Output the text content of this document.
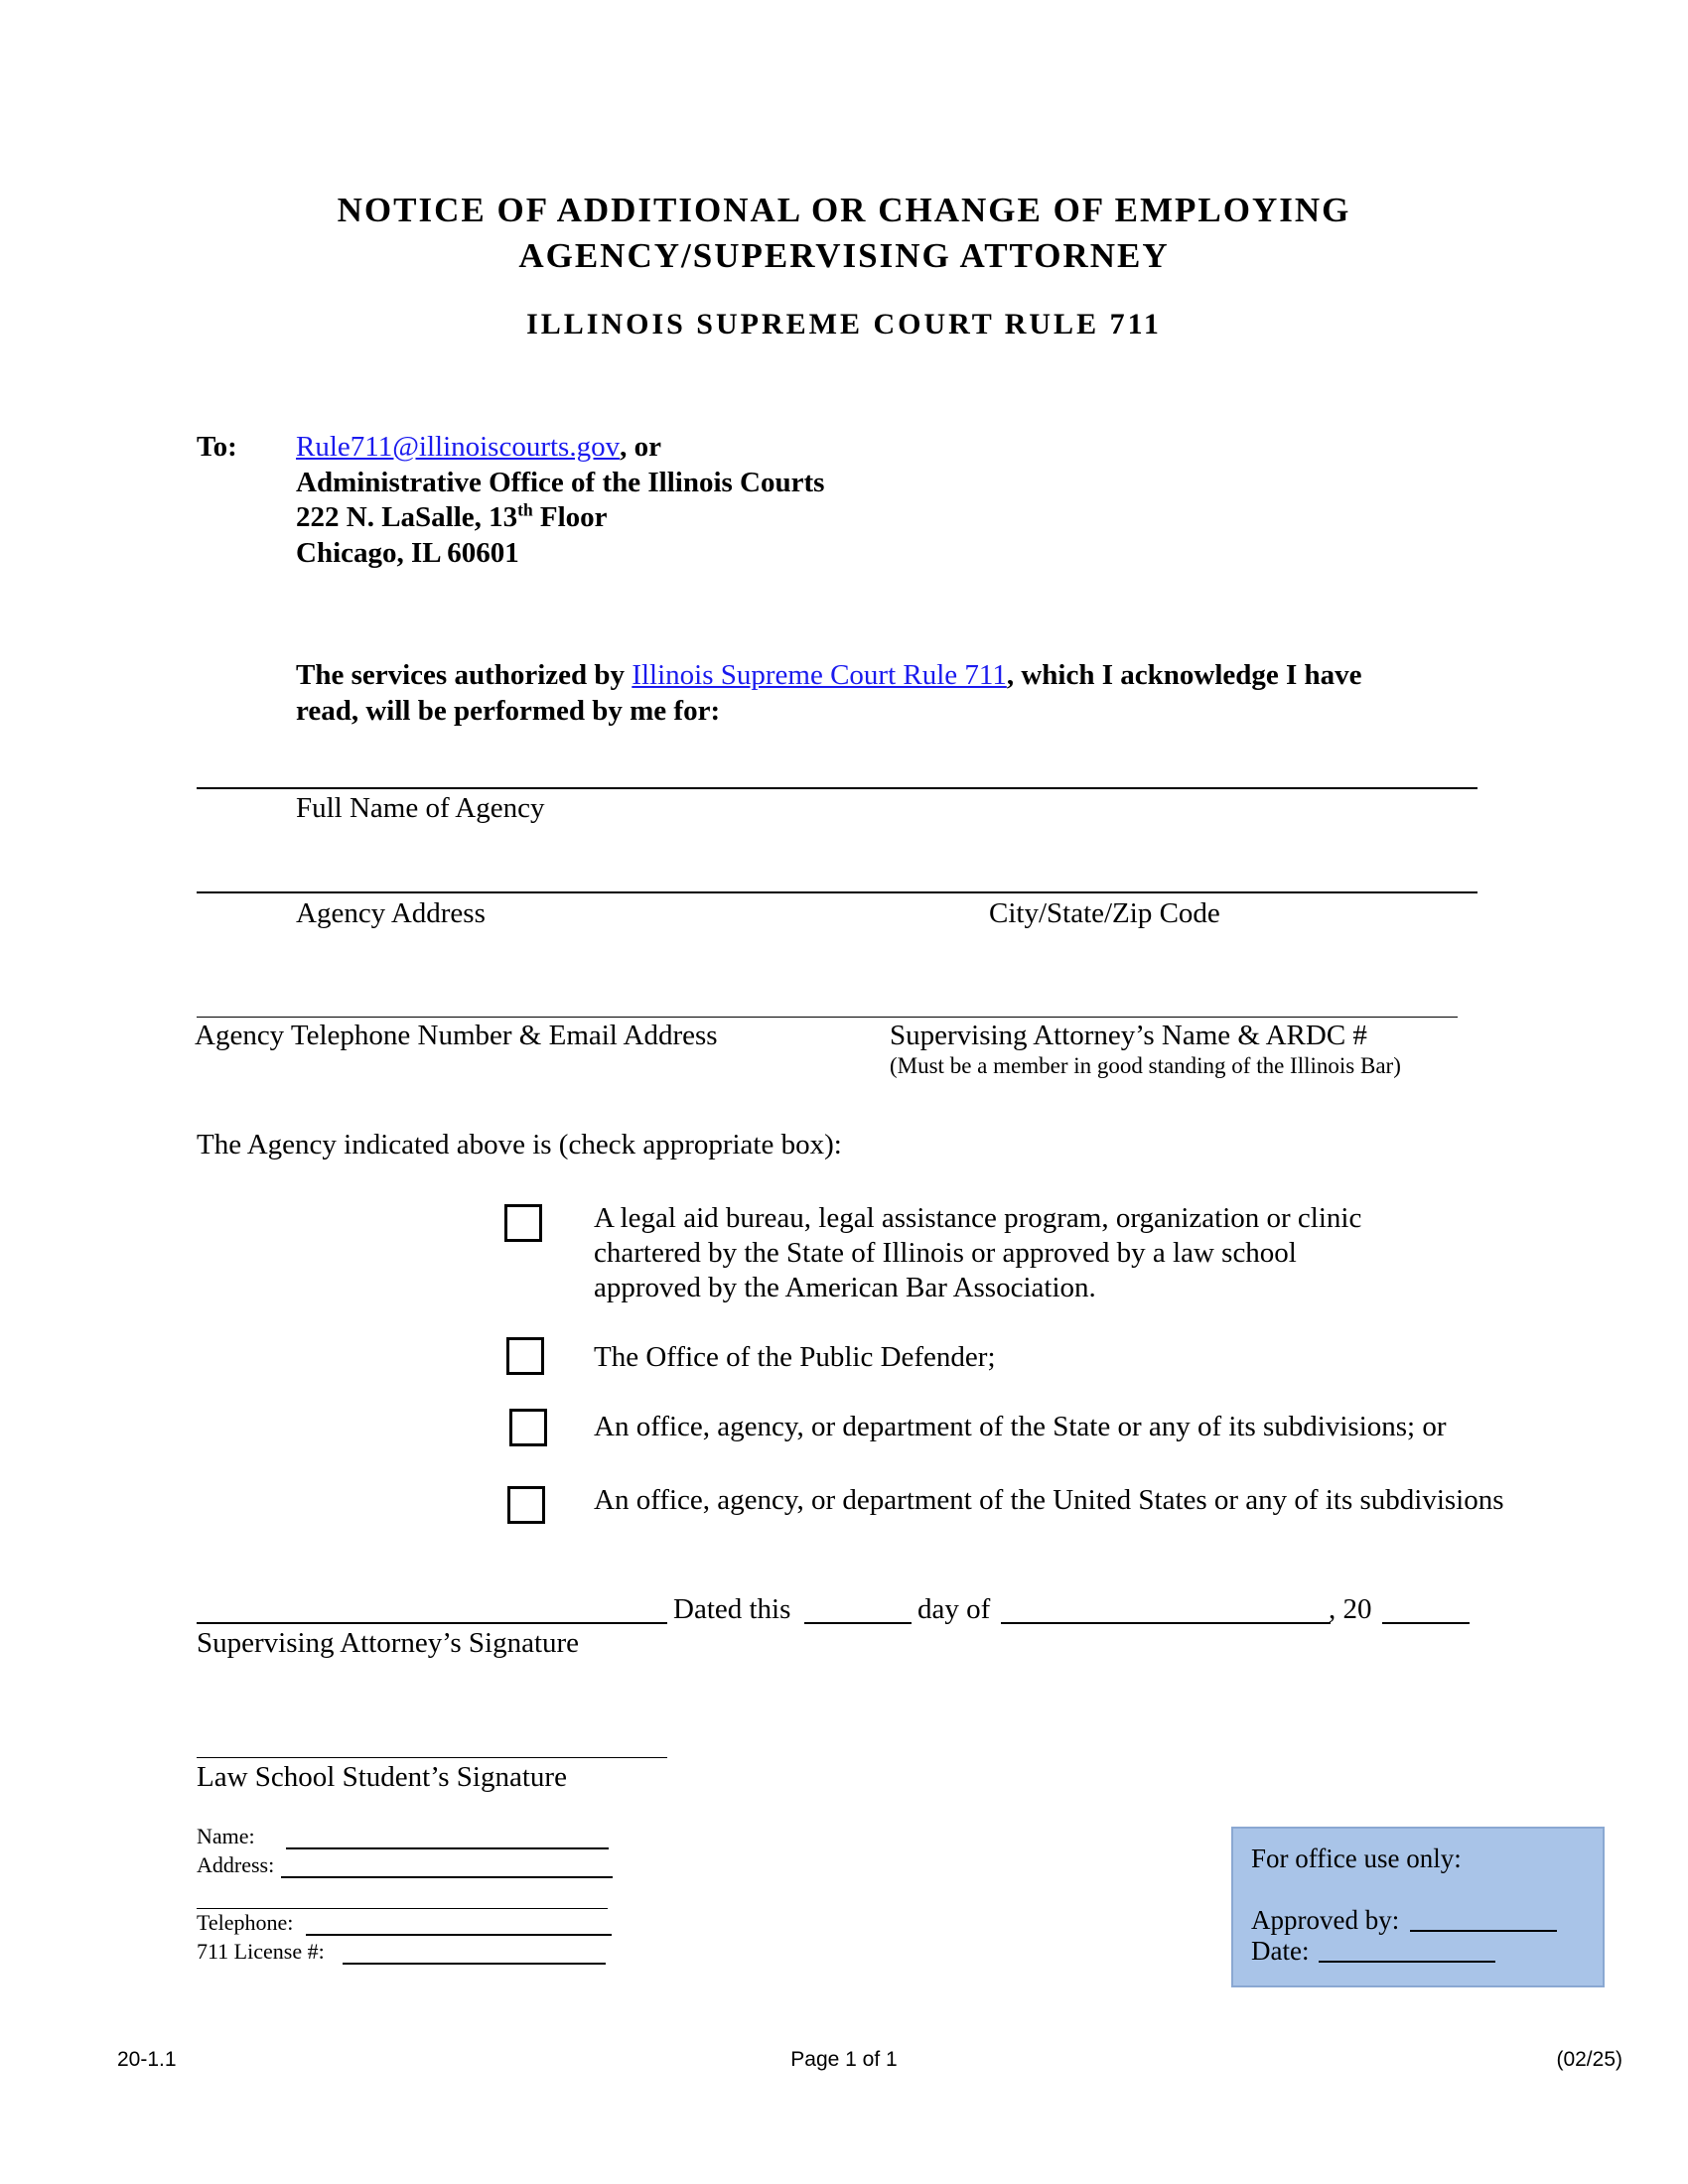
NOTICE OF ADDITIONAL OR CHANGE OF EMPLOYING
AGENCY/SUPERVISING ATTORNEY
ILLINOIS SUPREME COURT RULE 711
To: Rule711@illinoiscourts.gov, or
Administrative Office of the Illinois Courts
222 N. LaSalle, 13th Floor
Chicago, IL 60601
The services authorized by Illinois Supreme Court Rule 711, which I acknowledge I have
read, will be performed by me for:
Full Name of Agency
Agency Address	City/State/Zip Code
Agency Telephone Number & Email Address	Supervising Attorney’s Name & ARDC #
(Must be a member in good standing of the Illinois Bar)
The Agency indicated above is (check appropriate box):
A legal aid bureau, legal assistance program, organization or clinic
chartered by the State of Illinois or approved by a law school
approved by the American Bar Association.
The Office of the Public Defender;
An office, agency, or department of the State or any of its subdivisions; or
An office, agency, or department of the United States or any of its subdivisions
Dated this	day of	, 20
Supervising Attorney’s Signature
Law School Student’s Signature
Name:
Address:
Telephone:
711 License #:
For office use only:
Approved by:
Date:
20-1.1	Page 1 of 1	(02/25)
